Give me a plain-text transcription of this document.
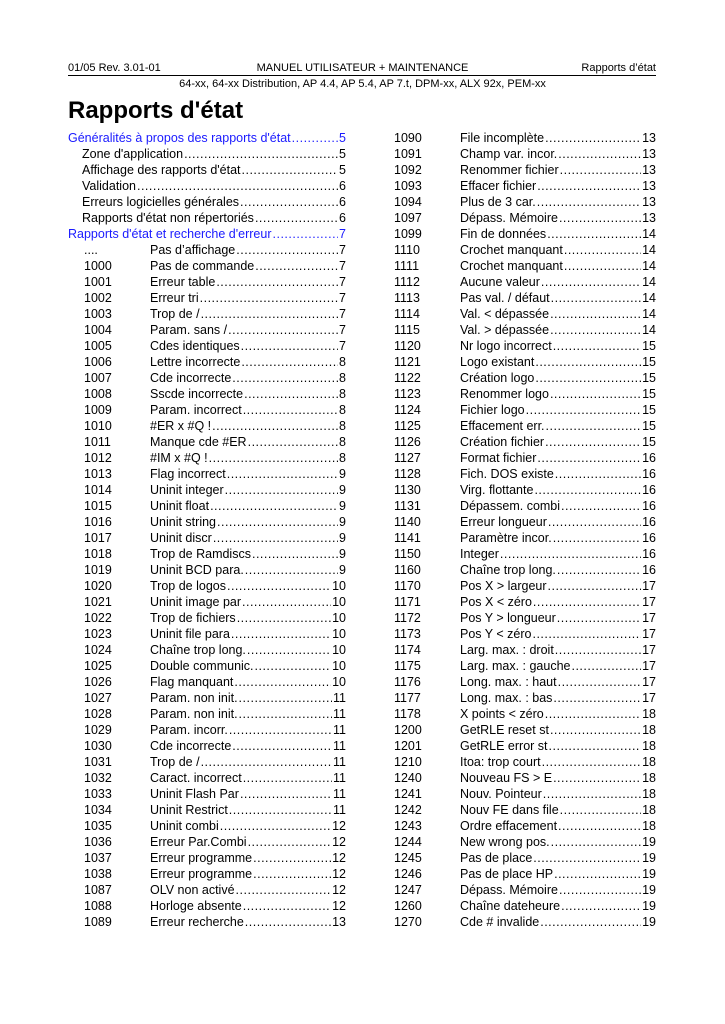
01/05 Rev. 3.01-01	MANUEL UTILISATEUR + MAINTENANCE	Rapports d’état
64-xx, 64-xx Distribution, AP 4.4, AP 5.4, AP 7.t, DPM-xx, ALX 92x, PEM-xx
Rapports d'état
Généralités à propos des rapports d'état .....	5
Zone d'application .....	5
Affichage des rapports d'état .....	5
Validation .....	6
Erreurs logicielles générales .....	6
Rapports d'état non répertoriés .....	6
Rapports d'état et recherche d'erreur .....	7
....	Pas d’affichage .....	7
1000	Pas de commande .....	7
1001	Erreur table .....	7
1002	Erreur tri .....	7
1003	Trop de / .....	7
1004	Param. sans / .....	7
1005	Cdes identiques .....	7
1006	Lettre incorrecte .....	8
1007	Cde incorrecte .....	8
1008	Sscde incorrecte .....	8
1009	Param. incorrect .....	8
1010	#ER x #Q ! .....	8
1011	Manque cde #ER .....	8
1012	#IM x #Q ! .....	8
1013	Flag incorrect .....	9
1014	Uninit integer .....	9
1015	Uninit float .....	9
1016	Uninit string .....	9
1017	Uninit discr .....	9
1018	Trop de Ramdiscs .....	9
1019	Uninit BCD para. .....	9
1020	Trop de logos .....	10
1021	Uninit image par .....	10
1022	Trop de fichiers .....	10
1023	Uninit file para .....	10
1024	Chaîne trop long. .....	10
1025	Double communic. .....	10
1026	Flag manquant .....	10
1027	Param. non init. .....	11
1028	Param. non init. .....	11
1029	Param. incorr. .....	11
1030	Cde incorrecte .....	11
1031	Trop de / .....	11
1032	Caract. incorrect .....	11
1033	Uninit Flash Par .....	11
1034	Uninit Restrict .....	11
1035	Uninit combi .....	12
1036	Erreur Par.Combi .....	12
1037	Erreur programme .....	12
1038	Erreur programme .....	12
1087	OLV non activé .....	12
1088	Horloge absente .....	12
1089	Erreur recherche .....	13
1090	File incomplète .....	13
1091	Champ var. incor. .....	13
1092	Renommer fichier .....	13
1093	Effacer fichier .....	13
1094	Plus de 3 car. .....	13
1097	Dépass. Mémoire .....	13
1099	Fin de données .....	14
1110	Crochet manquant .....	14
1111	Crochet manquant .....	14
1112	Aucune valeur .....	14
1113	Pas val. / défaut .....	14
1114	Val. < dépassée .....	14
1115	Val. > dépassée .....	14
1120	Nr logo incorrect .....	15
1121	Logo existant .....	15
1122	Création logo .....	15
1123	Renommer logo .....	15
1124	Fichier logo .....	15
1125	Effacement err. .....	15
1126	Création fichier .....	15
1127	Format fichier .....	16
1128	Fich. DOS existe .....	16
1130	Virg. flottante .....	16
1131	Dépassem. combi .....	16
1140	Erreur longueur .....	16
1141	Paramètre incor. .....	16
1150	Integer .....	16
1160	Chaîne trop long. .....	16
1170	Pos X > largeur .....	17
1171	Pos X < zéro .....	17
1172	Pos Y > longueur .....	17
1173	Pos Y < zéro .....	17
1174	Larg. max. : droit .....	17
1175	Larg. max. : gauche .....	17
1176	Long. max. : haut .....	17
1177	Long. max. : bas .....	17
1178	X points < zéro .....	18
1200	GetRLE reset st .....	18
1201	GetRLE error st .....	18
1210	Itoa: trop court .....	18
1240	Nouveau FS > E .....	18
1241	Nouv. Pointeur .....	18
1242	Nouv FE dans file .....	18
1243	Ordre effacement .....	18
1244	New wrong pos. .....	19
1245	Pas de place .....	19
1246	Pas de place HP .....	19
1247	Dépass. Mémoire .....	19
1260	Chaîne dateheure .....	19
1270	Cde # invalide .....	19
